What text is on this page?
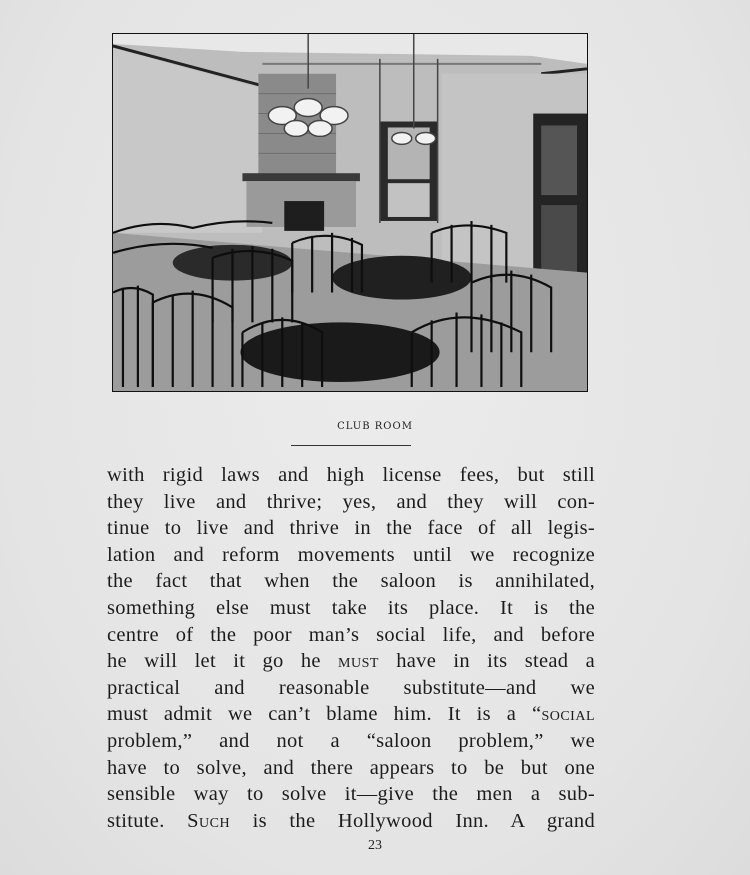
CLUB ROOM
with rigid laws and high license fees, but still
they live and thrive; yes, and they will con-
tinue to live and thrive in the face of all legis-
lation and reform movements until we recognize
the fact that when the saloon is annihilated,
something else must take its place. It is the
centre of the poor man’s social life, and before
he will let it go he must have in its stead a
practical and reasonable substitute—and we
must admit we can’t blame him. It is a “social
problem,” and not a “saloon problem,” we
have to solve, and there appears to be but one
sensible way to solve it—give the men a sub-
stitute. Such is the Hollywood Inn. A grand
23
